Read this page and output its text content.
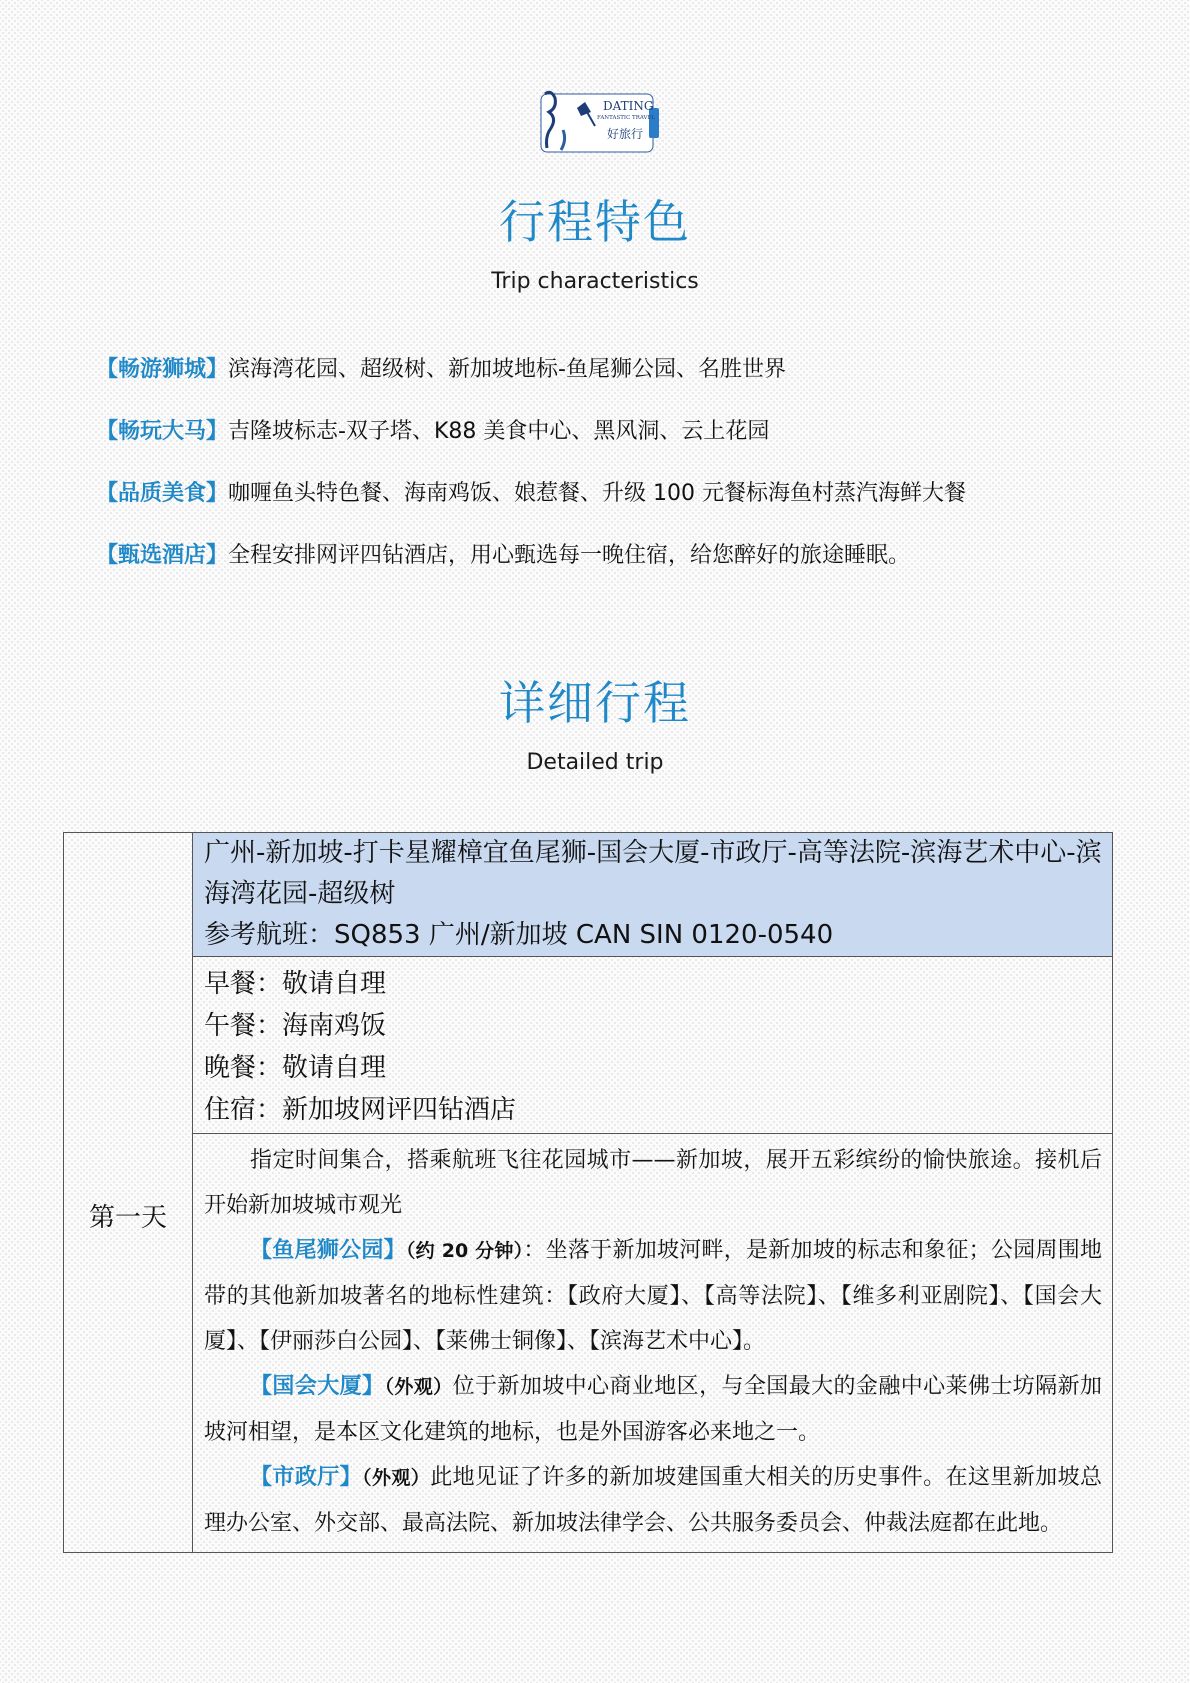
DATING
FANTASTIC TRAVEL
好旅行
行程特色
Trip characteristics
【畅游狮城】滨海湾花园、超级树、新加坡地标-鱼尾狮公园、名胜世界
【畅玩大马】吉隆坡标志-双子塔、K88 美食中心、黑风洞、云上花园
【品质美食】咖喱鱼头特色餐、海南鸡饭、娘惹餐、升级 100 元餐标海鱼村蒸汽海鲜大餐
【甄选酒店】全程安排网评四钻酒店，用心甄选每一晚住宿，给您醉好的旅途睡眠。
详细行程
Detailed trip
第一天	
广州-新加坡-打卡星耀樟宜鱼尾狮-国会大厦-市政厅-高等法院-滨海艺术中心-滨海湾花园-超级树
参考航班：SQ853 广州/新加坡 CAN SIN 0120-0540

早餐：敬请自理
午餐：海南鸡饭
晚餐：敬请自理
住宿：新加坡网评四钻酒店

指定时间集合，搭乘航班飞往花园城市——新加坡，展开五彩缤纷的愉快旅途。接机后开始新加坡城市观光

【鱼尾狮公园】（约 20 分钟）：坐落于新加坡河畔，是新加坡的标志和象征；公园周围地带的其他新加坡著名的地标性建筑：【政府大厦】、【高等法院】、【维多利亚剧院】、【国会大厦】、【伊丽莎白公园】、【莱佛士铜像】、【滨海艺术中心】。

【国会大厦】（外观）位于新加坡中心商业地区，与全国最大的金融中心莱佛士坊隔新加坡河相望，是本区文化建筑的地标，也是外国游客必来地之一。

【市政厅】（外观）此地见证了许多的新加坡建国重大相关的历史事件。在这里新加坡总理办公室、外交部、最高法院、新加坡法律学会、公共服务委员会、仲裁法庭都在此地。
